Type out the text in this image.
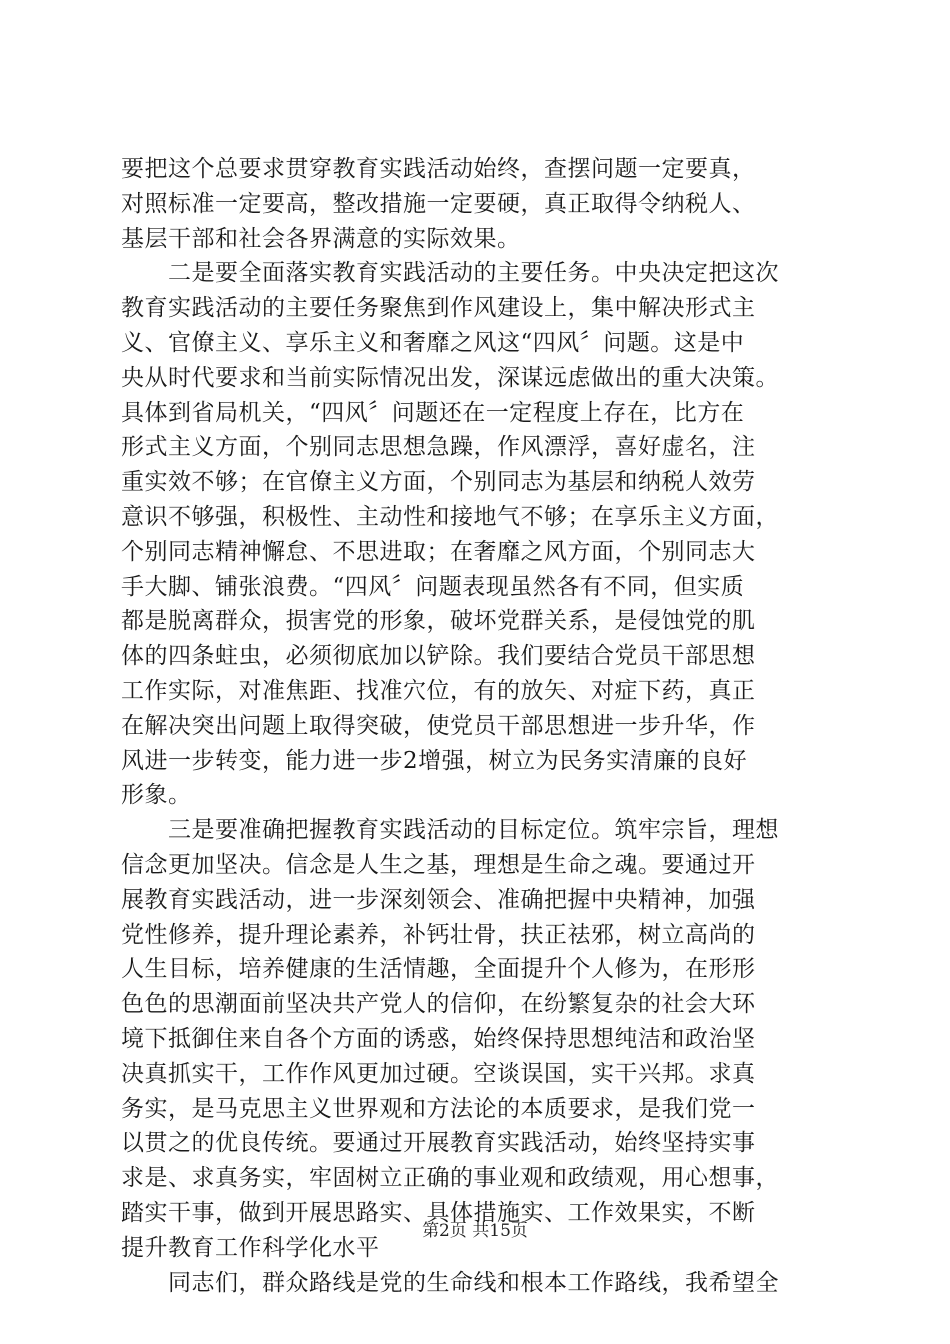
要把这个总要求贯穿教育实践活动始终，查摆问题一定要真，
对照标准一定要高，整改措施一定要硬，真正取得令纳税人、
基层干部和社会各界满意的实际效果。
二是要全面落实教育实践活动的主要任务。中央决定把这次
教育实践活动的主要任务聚焦到作风建设上，集中解决形式主
义、官僚主义、享乐主义和奢靡之风这“四风〞问题。这是中
央从时代要求和当前实际情况出发，深谋远虑做出的重大决策。
具体到省局机关，“四风〞问题还在一定程度上存在，比方在
形式主义方面，个别同志思想急躁，作风漂浮，喜好虚名，注
重实效不够；在官僚主义方面，个别同志为基层和纳税人效劳
意识不够强，积极性、主动性和接地气不够；在享乐主义方面，
个别同志精神懈怠、不思进取；在奢靡之风方面，个别同志大
手大脚、铺张浪费。“四风〞问题表现虽然各有不同，但实质
都是脱离群众，损害党的形象，破坏党群关系，是侵蚀党的肌
体的四条蛀虫，必须彻底加以铲除。我们要结合党员干部思想
工作实际，对准焦距、找准穴位，有的放矢、对症下药，真正
在解决突出问题上取得突破，使党员干部思想进一步升华，作
风进一步转变，能力进一步2增强，树立为民务实清廉的良好
形象。
三是要准确把握教育实践活动的目标定位。筑牢宗旨，理想
信念更加坚决。信念是人生之基，理想是生命之魂。要通过开
展教育实践活动，进一步深刻领会、准确把握中央精神，加强
党性修养，提升理论素养，补钙壮骨，扶正祛邪，树立高尚的
人生目标，培养健康的生活情趣，全面提升个人修为，在形形
色色的思潮面前坚决共产党人的信仰，在纷繁复杂的社会大环
境下抵御住来自各个方面的诱惑，始终保持思想纯洁和政治坚
决真抓实干，工作作风更加过硬。空谈误国，实干兴邦。求真
务实，是马克思主义世界观和方法论的本质要求，是我们党一
以贯之的优良传统。要通过开展教育实践活动，始终坚持实事
求是、求真务实，牢固树立正确的事业观和政绩观，用心想事，
踏实干事，做到开展思路实、具体措施实、工作效果实，不断
提升教育工作科学化水平
同志们，群众路线是党的生命线和根本工作路线，我希望全
第2页 共15页
